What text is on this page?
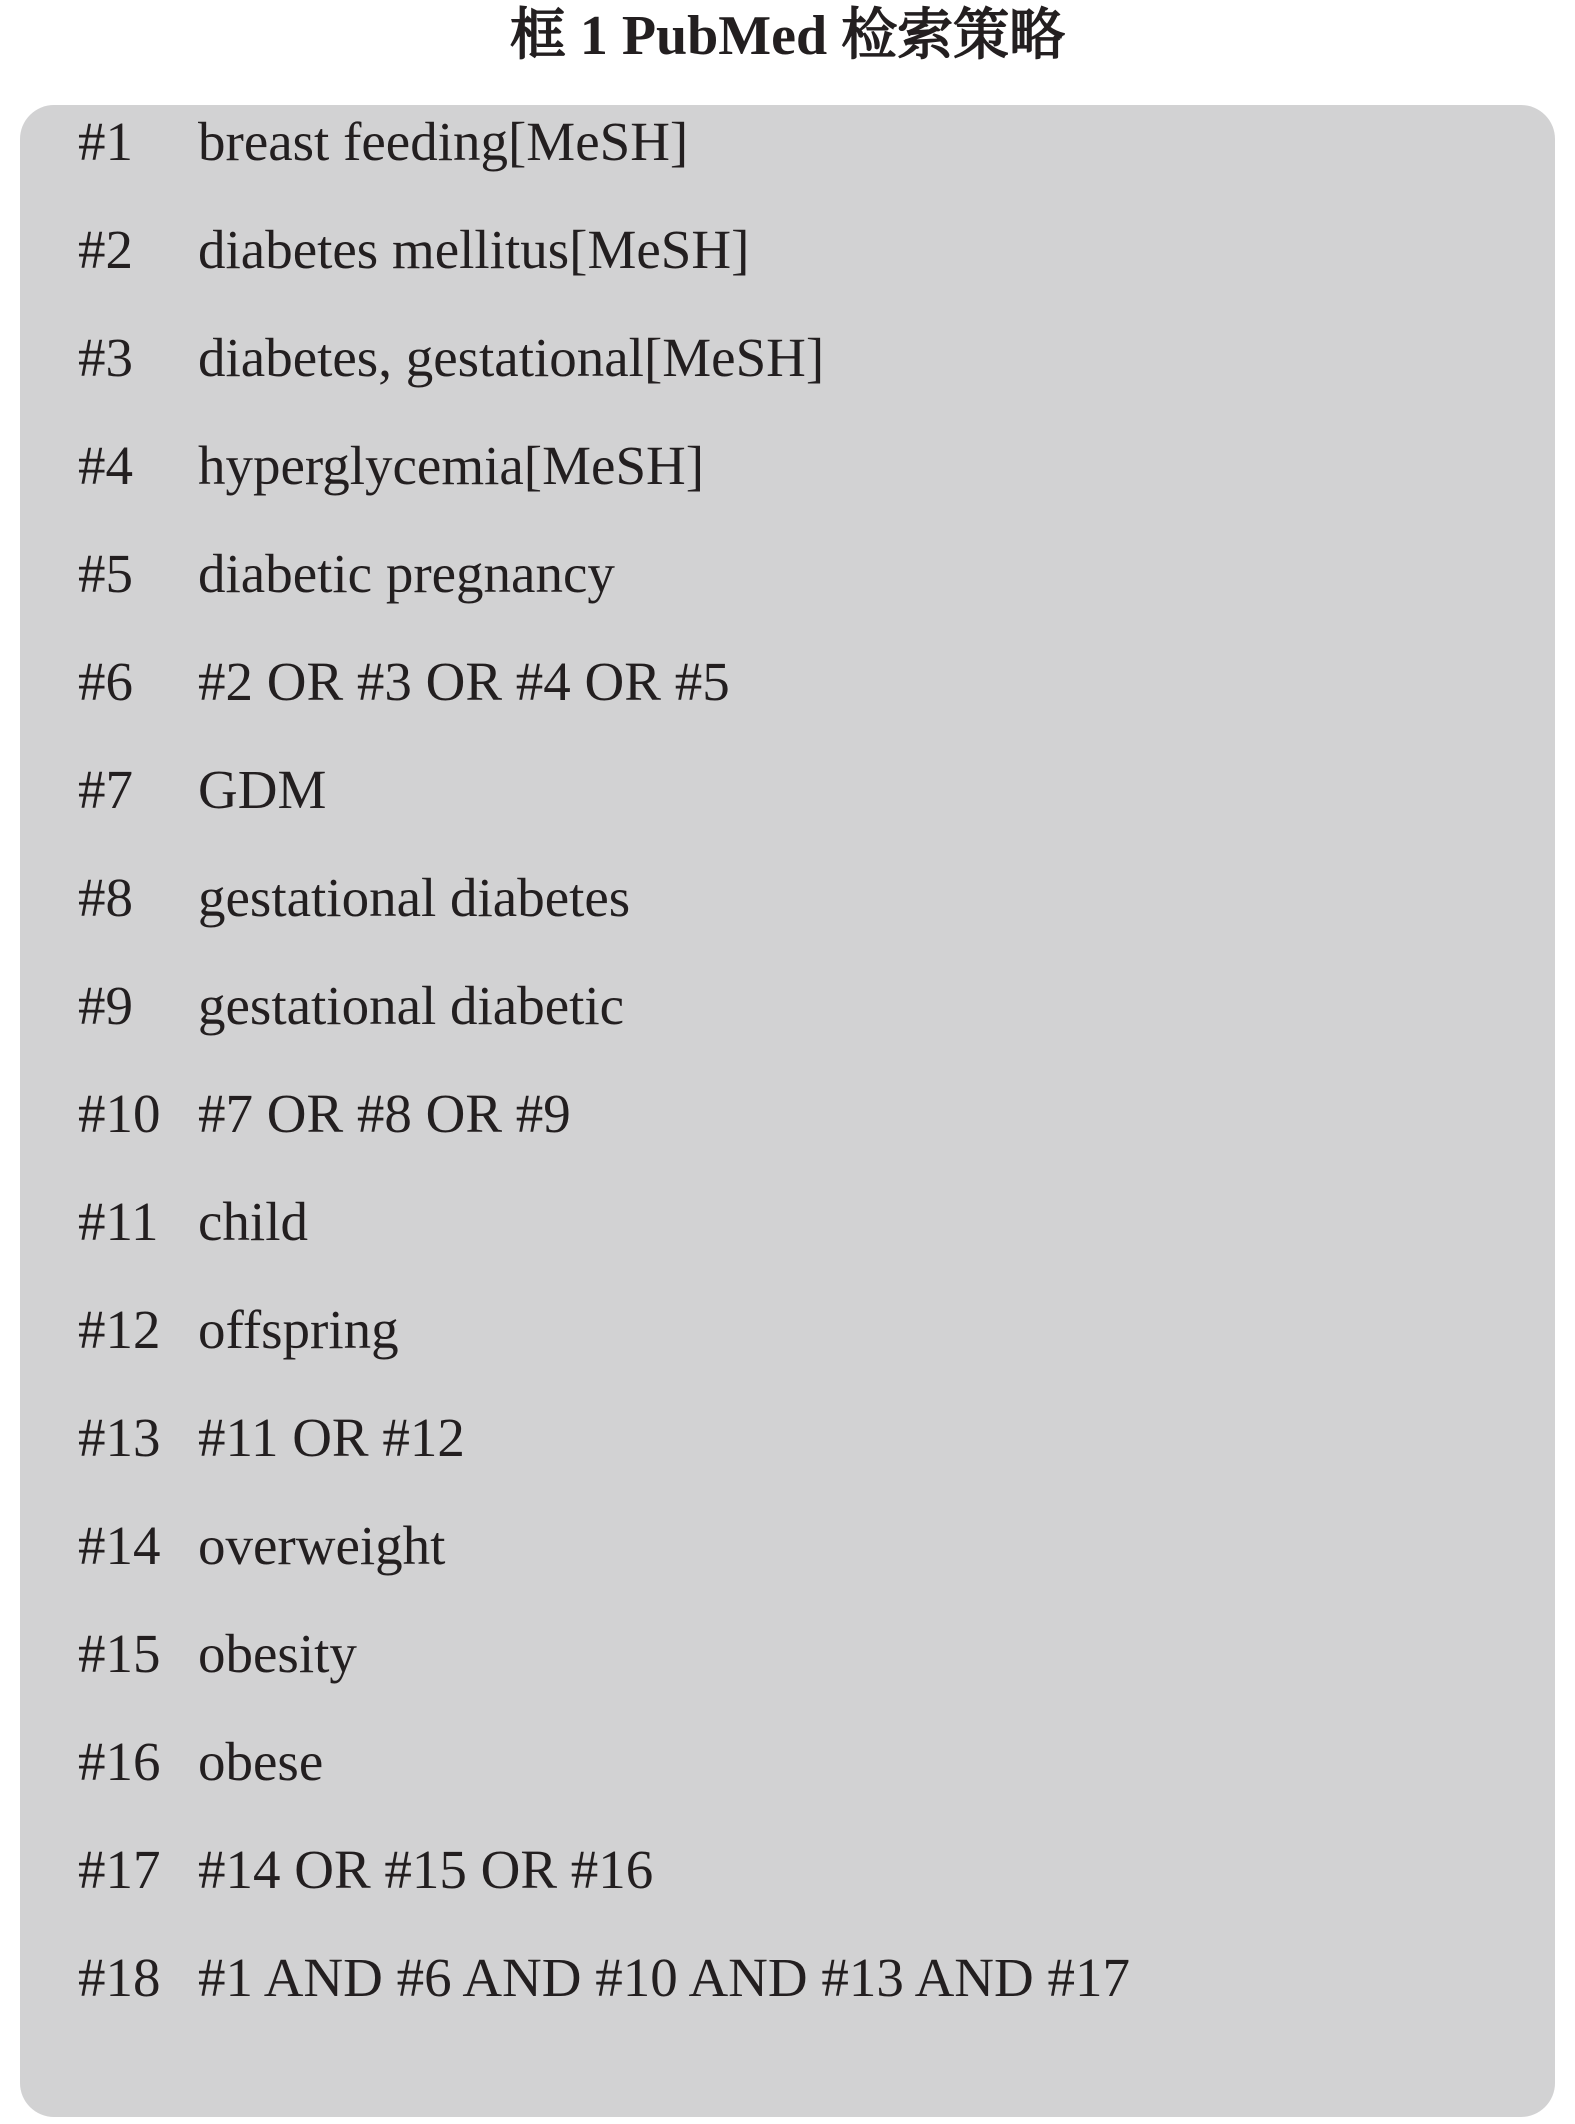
框 1 PubMed 检索策略
#1 breast feeding[MeSH]
#2 diabetes mellitus[MeSH]
#3 diabetes, gestational[MeSH]
#4 hyperglycemia[MeSH]
#5 diabetic pregnancy
#6 #2 OR #3 OR #4 OR #5
#7 GDM
#8 gestational diabetes
#9 gestational diabetic
#10 #7 OR #8 OR #9
#11 child
#12 offspring
#13 #11 OR #12
#14 overweight
#15 obesity
#16 obese
#17 #14 OR #15 OR #16
#18 #1 AND #6 AND #10 AND #13 AND #17
